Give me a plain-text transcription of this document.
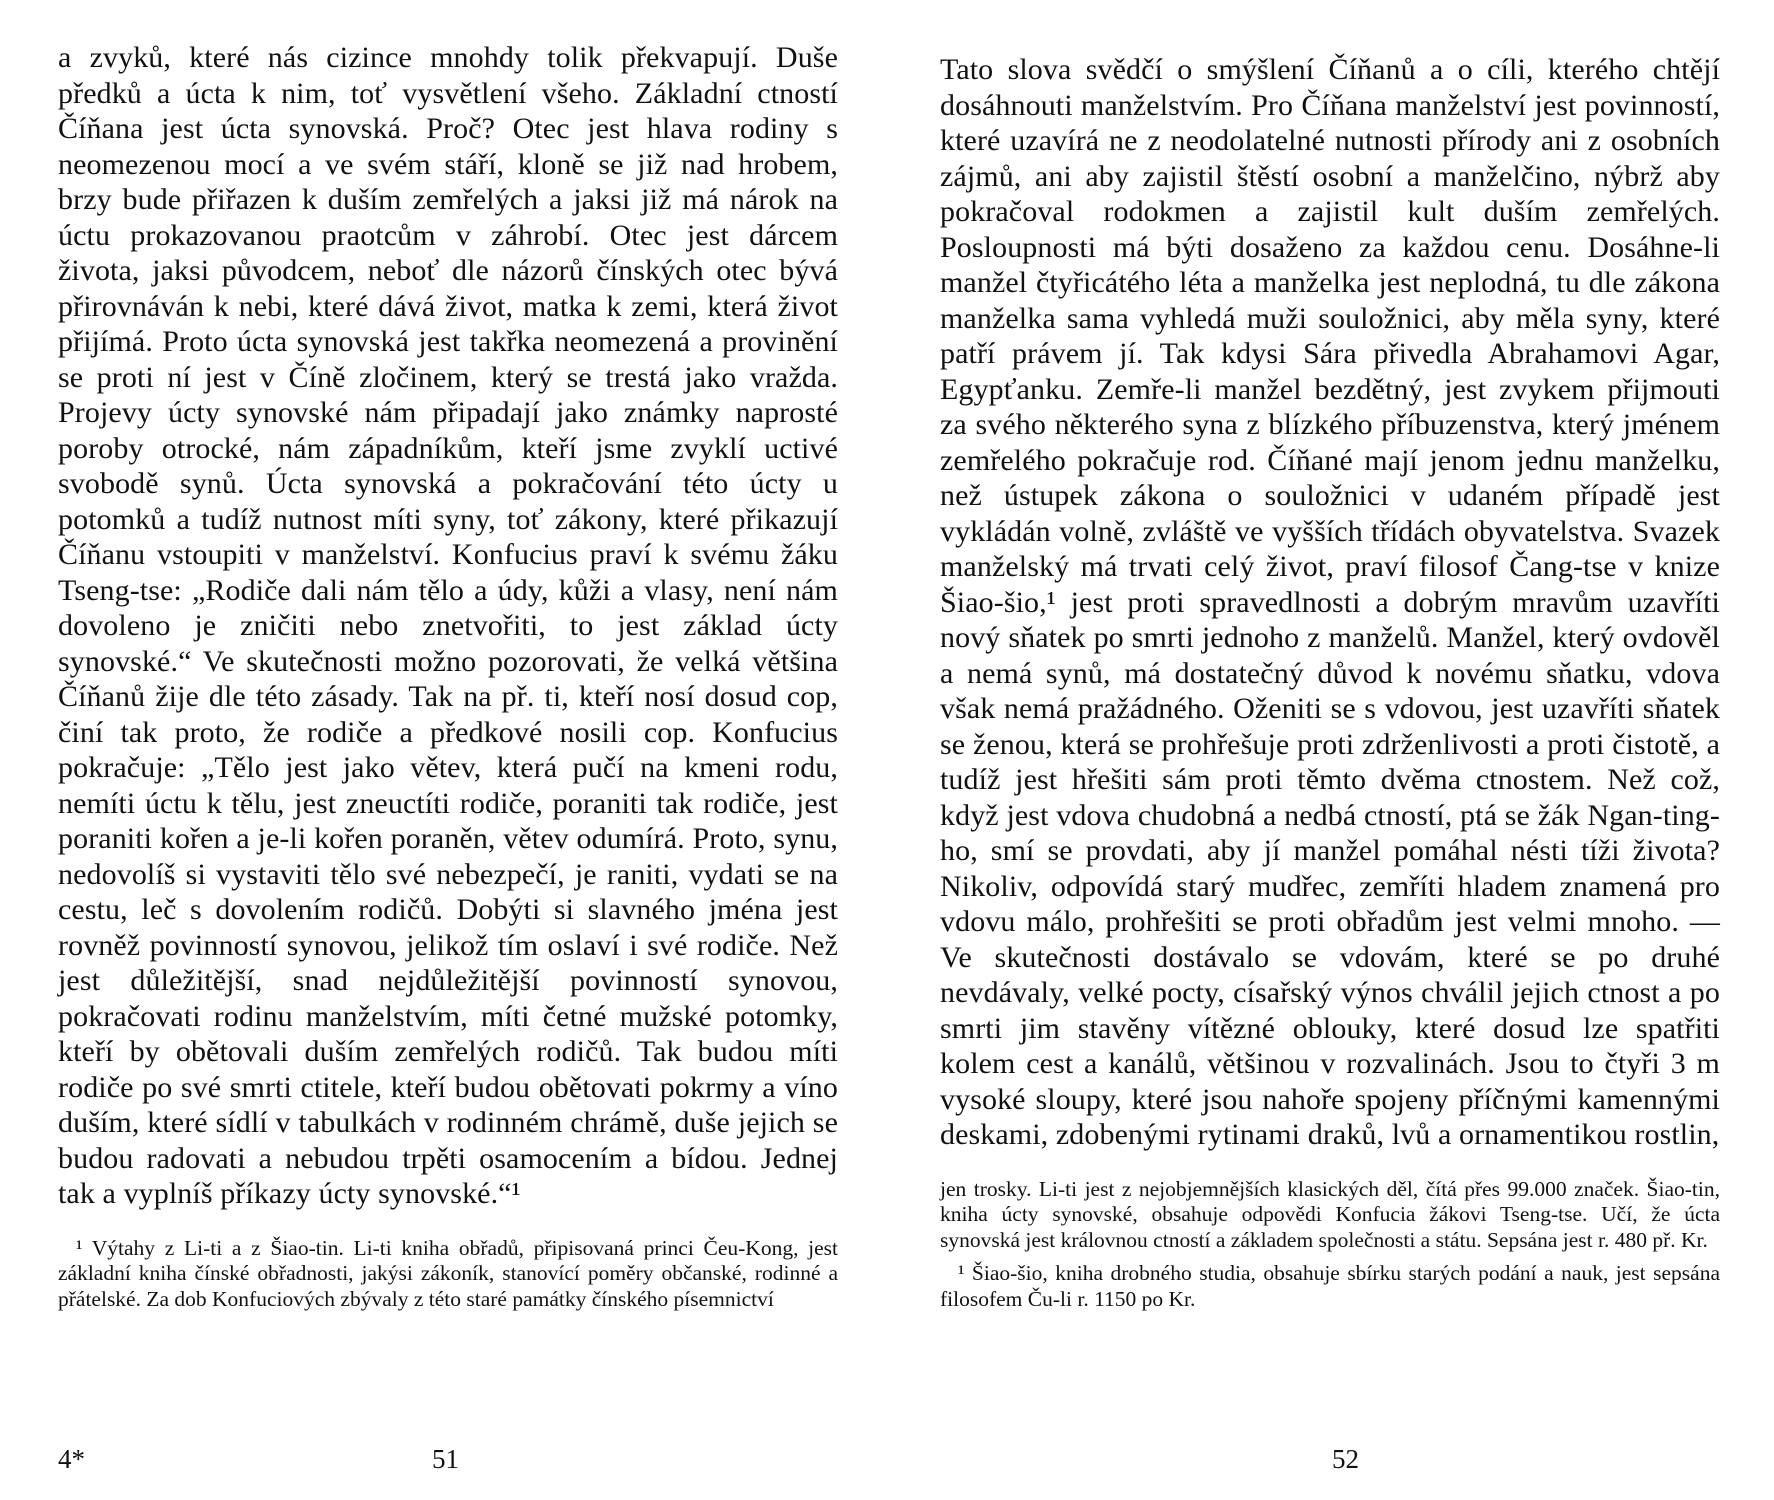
a zvyků, které nás cizince mnohdy tolik překvapují. Duše předků a úcta k nim, toť vysvětlení všeho. Základní ctností Číňana jest úcta synovská. Proč? Otec jest hlava rodiny s neomezenou mocí a ve svém stáří, kloně se již nad hrobem, brzy bude přiřazen k duším zemřelých a jaksi již má nárok na úctu prokazovanou praotcům v záhrobí. Otec jest dárcem života, jaksi původcem, neboť dle názorů čínských otec bývá přirovnáván k nebi, které dává život, matka k zemi, která život přijímá. Proto úcta synovská jest takřka neomezená a provinění se proti ní jest v Číně zločinem, který se trestá jako vražda. Projevy úcty synovské nám připadají jako známky naprosté poroby otrocké, nám západníkům, kteří jsme zvyklí uctivé svobodě synů. Úcta synovská a pokračování této úcty u potomků a tudíž nutnost míti syny, toť zákony, které přikazují Číňanu vstoupiti v manželství. Konfucius praví k svému žáku Tseng-tse: „Rodiče dali nám tělo a údy, kůži a vlasy, není nám dovoleno je zničiti nebo znetvořiti, to jest základ úcty synovské.“ Ve skutečnosti možno pozorovati, že velká většina Číňanů žije dle této zásady. Tak na př. ti, kteří nosí dosud cop, činí tak proto, že rodiče a předkové nosili cop. Konfucius pokračuje: „Tělo jest jako větev, která pučí na kmeni rodu, nemíti úctu k tělu, jest zneuctíti rodiče, poraniti tak rodiče, jest poraniti kořen a je-li kořen poraněn, větev odumírá. Proto, synu, nedovolíš si vystaviti tělo své nebezpečí, je raniti, vydati se na cestu, leč s dovolením rodičů. Dobýti si slavného jména jest rovněž povinností synovou, jelikož tím oslaví i své rodiče. Než jest důležitější, snad nejdůležitější povinností synovou, pokračovati rodinu manželstvím, míti četné mužské potomky, kteří by obětovali duším zemřelých rodičů. Tak budou míti rodiče po své smrti ctitele, kteří budou obětovati pokrmy a víno duším, které sídlí v tabulkách v rodinném chrámě, duše jejich se budou radovati a nebudou trpěti osamocením a bídou. Jednej tak a vyplníš příkazy úcty synovské.“¹

¹ Výtahy z Li-ti a z Šiao-tin. Li-ti kniha obřadů, připisovaná princi Čeu-Kong, jest základní kniha čínské obřadnosti, jakýsi zákoník, stanovící poměry občanské, rodinné a přátelské. Za dob Konfuciových zbývaly z této staré památky čínského písemnictví

Tato slova svědčí o smýšlení Číňanů a o cíli, kterého chtějí dosáhnouti manželstvím. Pro Číňana manželství jest povinností, které uzavírá ne z neodolatelné nutnosti přírody ani z osobních zájmů, ani aby zajistil štěstí osobní a manželčino, nýbrž aby pokračoval rodokmen a zajistil kult duším zemřelých. Posloupnosti má býti dosaženo za každou cenu. Dosáhne-li manžel čtyřicátého léta a manželka jest neplodná, tu dle zákona manželka sama vyhledá muži souložnici, aby měla syny, které patří právem jí. Tak kdysi Sára přivedla Abrahamovi Agar, Egypťanku. Zemře-li manžel bezdětný, jest zvykem přijmouti za svého některého syna z blízkého příbuzenstva, který jménem zemřelého pokračuje rod. Číňané mají jenom jednu manželku, než ústupek zákona o souložnici v udaném případě jest vykládán volně, zvláště ve vyšších třídách obyvatelstva. Svazek manželský má trvati celý život, praví filosof Čang-tse v knize Šiao-šio,¹ jest proti spravedlnosti a dobrým mravům uzavříti nový sňatek po smrti jednoho z manželů. Manžel, který ovdověl a nemá synů, má dostatečný důvod k novému sňatku, vdova však nemá pražádného. Oženiti se s vdovou, jest uzavříti sňatek se ženou, která se prohřešuje proti zdrženlivosti a proti čistotě, a tudíž jest hřešiti sám proti těmto dvěma ctnostem. Než což, když jest vdova chudobná a nedbá ctností, ptá se žák Ngan-ting-ho, smí se provdati, aby jí manžel pomáhal nésti tíži života? Nikoliv, odpovídá starý mudřec, zemříti hladem znamená pro vdovu málo, prohřešiti se proti obřadům jest velmi mnoho. — Ve skutečnosti dostávalo se vdovám, které se po druhé nevdávaly, velké pocty, císařský výnos chválil jejich ctnost a po smrti jim stavěny vítězné oblouky, které dosud lze spatřiti kolem cest a kanálů, většinou v rozvalinách. Jsou to čtyři 3 m vysoké sloupy, které jsou nahoře spojeny příčnými kamennými deskami, zdobenými rytinami draků, lvů a ornamentikou rostlin,

jen trosky. Li-ti jest z nejobjemnějších klasických děl, čítá přes 99.000 značek. Šiao-tin, kniha úcty synovské, obsahuje odpovědi Konfucia žákovi Tseng-tse. Učí, že úcta synovská jest královnou ctností a základem společnosti a státu. Sepsána jest r. 480 př. Kr.

¹ Šiao-šio, kniha drobného studia, obsahuje sbírku starých podání a nauk, jest sepsána filosofem Ču-li r. 1150 po Kr.

4*	51	52
